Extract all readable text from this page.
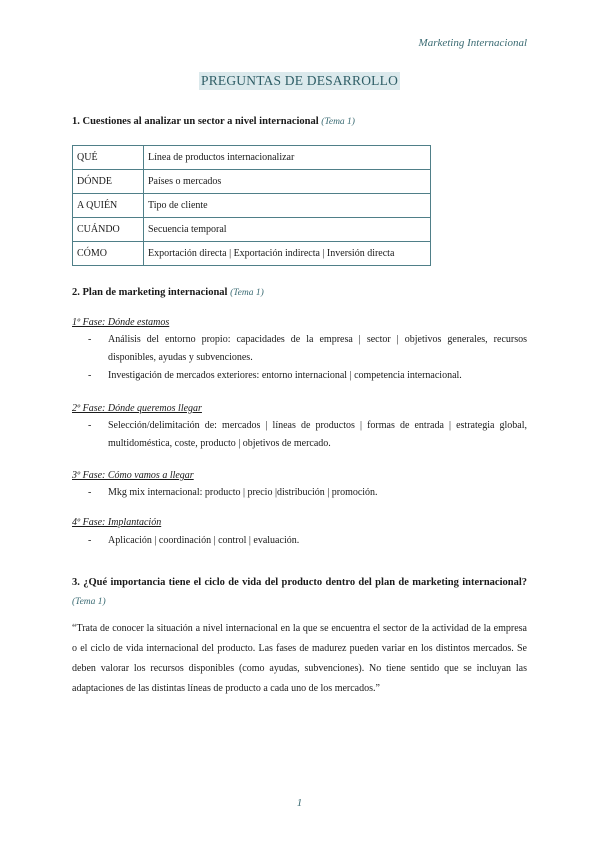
Marketing Internacional
PREGUNTAS DE DESARROLLO
1. Cuestiones al analizar un sector a nivel internacional (Tema 1)
QUÉ	Línea de productos internacionalizar
DÓNDE	Países o mercados
A QUIÉN	Tipo de cliente
CUÁNDO	Secuencia temporal
CÓMO	Exportación directa | Exportación indirecta | Inversión directa
2. Plan de marketing internacional (Tema 1)
1º Fase: Dónde estamos
- Análisis del entorno propio: capacidades de la empresa | sector | objetivos generales, recursos disponibles, ayudas y subvenciones.
- Investigación de mercados exteriores: entorno internacional | competencia internacional.
2º Fase: Dónde queremos llegar
- Selección/delimitación de: mercados | líneas de productos | formas de entrada | estrategia global, multidoméstica, coste, producto | objetivos de mercado.
3º Fase: Cómo vamos a llegar
- Mkg mix internacional: producto | precio |distribución | promoción.
4º Fase: Implantación
- Aplicación | coordinación | control | evaluación.
3. ¿Qué importancia tiene el ciclo de vida del producto dentro del plan de marketing internacional? (Tema 1)
“Trata de conocer la situación a nivel internacional en la que se encuentra el sector de la actividad de la empresa o el ciclo de vida internacional del producto. Las fases de madurez pueden variar en los distintos mercados. Se deben valorar los recursos disponibles (como ayudas, subvenciones). No tiene sentido que se incluyan las adaptaciones de las distintas líneas de producto a cada uno de los mercados.”
1
